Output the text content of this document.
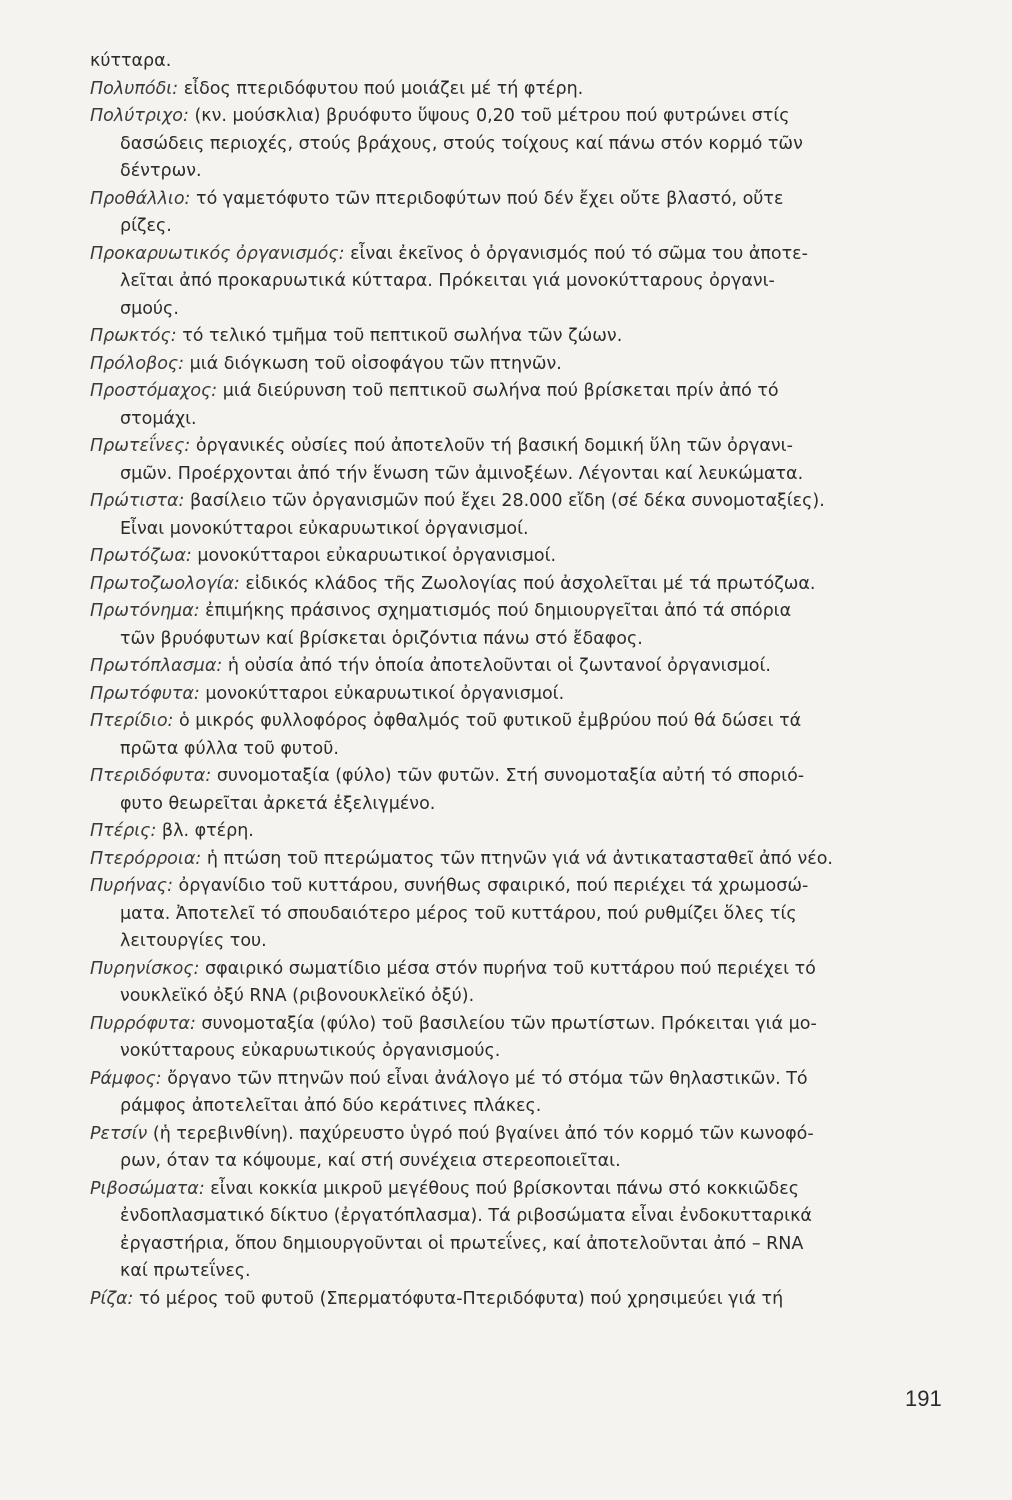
κύτταρα.
Πολυπόδι: εἶδος πτεριδόφυτου πού μοιάζει μέ τή φτέρη.
Πολύτριχο: (κν. μούσκλια) βρυόφυτο ὕψους 0,20 τοῦ μέτρου πού φυτρώνει στίς
δασώδεις περιοχές, στούς βράχους, στούς τοίχους καί πάνω στόν κορμό τῶν
δέντρων.
Προθάλλιο: τό γαμετόφυτο τῶν πτεριδοφύτων πού δέν ἔχει οὔτε βλαστό, οὔτε
ρίζες.
Προκαρυωτικός ὀργανισμός: εἶναι ἐκεῖνος ὁ ὀργανισμός πού τό σῶμα του ἀποτε-
λεῖται ἀπό προκαρυωτικά κύτταρα. Πρόκειται γιά μονοκύτταρους ὀργανι-
σμούς.
Πρωκτός: τό τελικό τμῆμα τοῦ πεπτικοῦ σωλήνα τῶν ζώων.
Πρόλοβος: μιά διόγκωση τοῦ οἰσοφάγου τῶν πτηνῶν.
Προστόμαχος: μιά διεύρυνση τοῦ πεπτικοῦ σωλήνα πού βρίσκεται πρίν ἀπό τό
στομάχι.
Πρωτεΐνες: ὀργανικές οὐσίες πού ἀποτελοῦν τή βασική δομική ὕλη τῶν ὀργανι-
σμῶν. Προέρχονται ἀπό τήν ἕνωση τῶν ἀμινοξέων. Λέγονται καί λευκώματα.
Πρώτιστα: βασίλειο τῶν ὀργανισμῶν πού ἔχει 28.000 εἴδη (σέ δέκα συνομοταξίες).
Εἶναι μονοκύτταροι εὐκαρυωτικοί ὀργανισμοί.
Πρωτόζωα: μονοκύτταροι εὐκαρυωτικοί ὀργανισμοί.
Πρωτοζωολογία: εἰδικός κλάδος τῆς Ζωολογίας πού ἀσχολεῖται μέ τά πρωτόζωα.
Πρωτόνημα: ἐπιμήκης πράσινος σχηματισμός πού δημιουργεῖται ἀπό τά σπόρια
τῶν βρυόφυτων καί βρίσκεται ὁριζόντια πάνω στό ἔδαφος.
Πρωτόπλασμα: ἡ οὐσία ἀπό τήν ὁποία ἀποτελοῦνται οἱ ζωντανοί ὀργανισμοί.
Πρωτόφυτα: μονοκύτταροι εὐκαρυωτικοί ὀργανισμοί.
Πτερίδιο: ὁ μικρός φυλλοφόρος ὀφθαλμός τοῦ φυτικοῦ ἐμβρύου πού θά δώσει τά
πρῶτα φύλλα τοῦ φυτοῦ.
Πτεριδόφυτα: συνομοταξία (φύλο) τῶν φυτῶν. Στή συνομοταξία αὐτή τό σποριό-
φυτο θεωρεῖται ἀρκετά ἐξελιγμένο.
Πτέρις: βλ. φτέρη.
Πτερόρροια: ἡ πτώση τοῦ πτερώματος τῶν πτηνῶν γιά νά ἀντικατασταθεῖ ἀπό νέο.
Πυρήνας: ὀργανίδιο τοῦ κυττάρου, συνήθως σφαιρικό, πού περιέχει τά χρωμοσώ-
ματα. Ἀποτελεῖ τό σπουδαιότερο μέρος τοῦ κυττάρου, πού ρυθμίζει ὅλες τίς
λειτουργίες του.
Πυρηνίσκος: σφαιρικό σωματίδιο μέσα στόν πυρήνα τοῦ κυττάρου πού περιέχει τό
νουκλεϊκό ὀξύ RNA (ριβονουκλεϊκό ὀξύ).
Πυρρόφυτα: συνομοταξία (φύλο) τοῦ βασιλείου τῶν πρωτίστων. Πρόκειται γιά μο-
νοκύτταρους εὐκαρυωτικούς ὀργανισμούς.
Ράμφος: ὄργανο τῶν πτηνῶν πού εἶναι ἀνάλογο μέ τό στόμα τῶν θηλαστικῶν. Τό
ράμφος ἀποτελεῖται ἀπό δύο κεράτινες πλάκες.
Ρετσίν (ἡ τερεβινθίνη). παχύρευστο ὑγρό πού βγαίνει ἀπό τόν κορμό τῶν κωνοφό-
ρων, όταν τα κόψουμε, καί στή συνέχεια στερεοποιεῖται.
Ριβοσώματα: εἶναι κοκκία μικροῦ μεγέθους πού βρίσκονται πάνω στό κοκκιῶδες
ἐνδοπλασματικό δίκτυο (ἐργατόπλασμα). Τά ριβοσώματα εἶναι ἐνδοκυτταρικά
ἐργαστήρια, ὅπου δημιουργοῦνται οἱ πρωτεΐνες, καί ἀποτελοῦνται ἀπό – RNA
καί πρωτεΐνες.
Ρίζα: τό μέρος τοῦ φυτοῦ (Σπερματόφυτα-Πτεριδόφυτα) πού χρησιμεύει γιά τή
191
